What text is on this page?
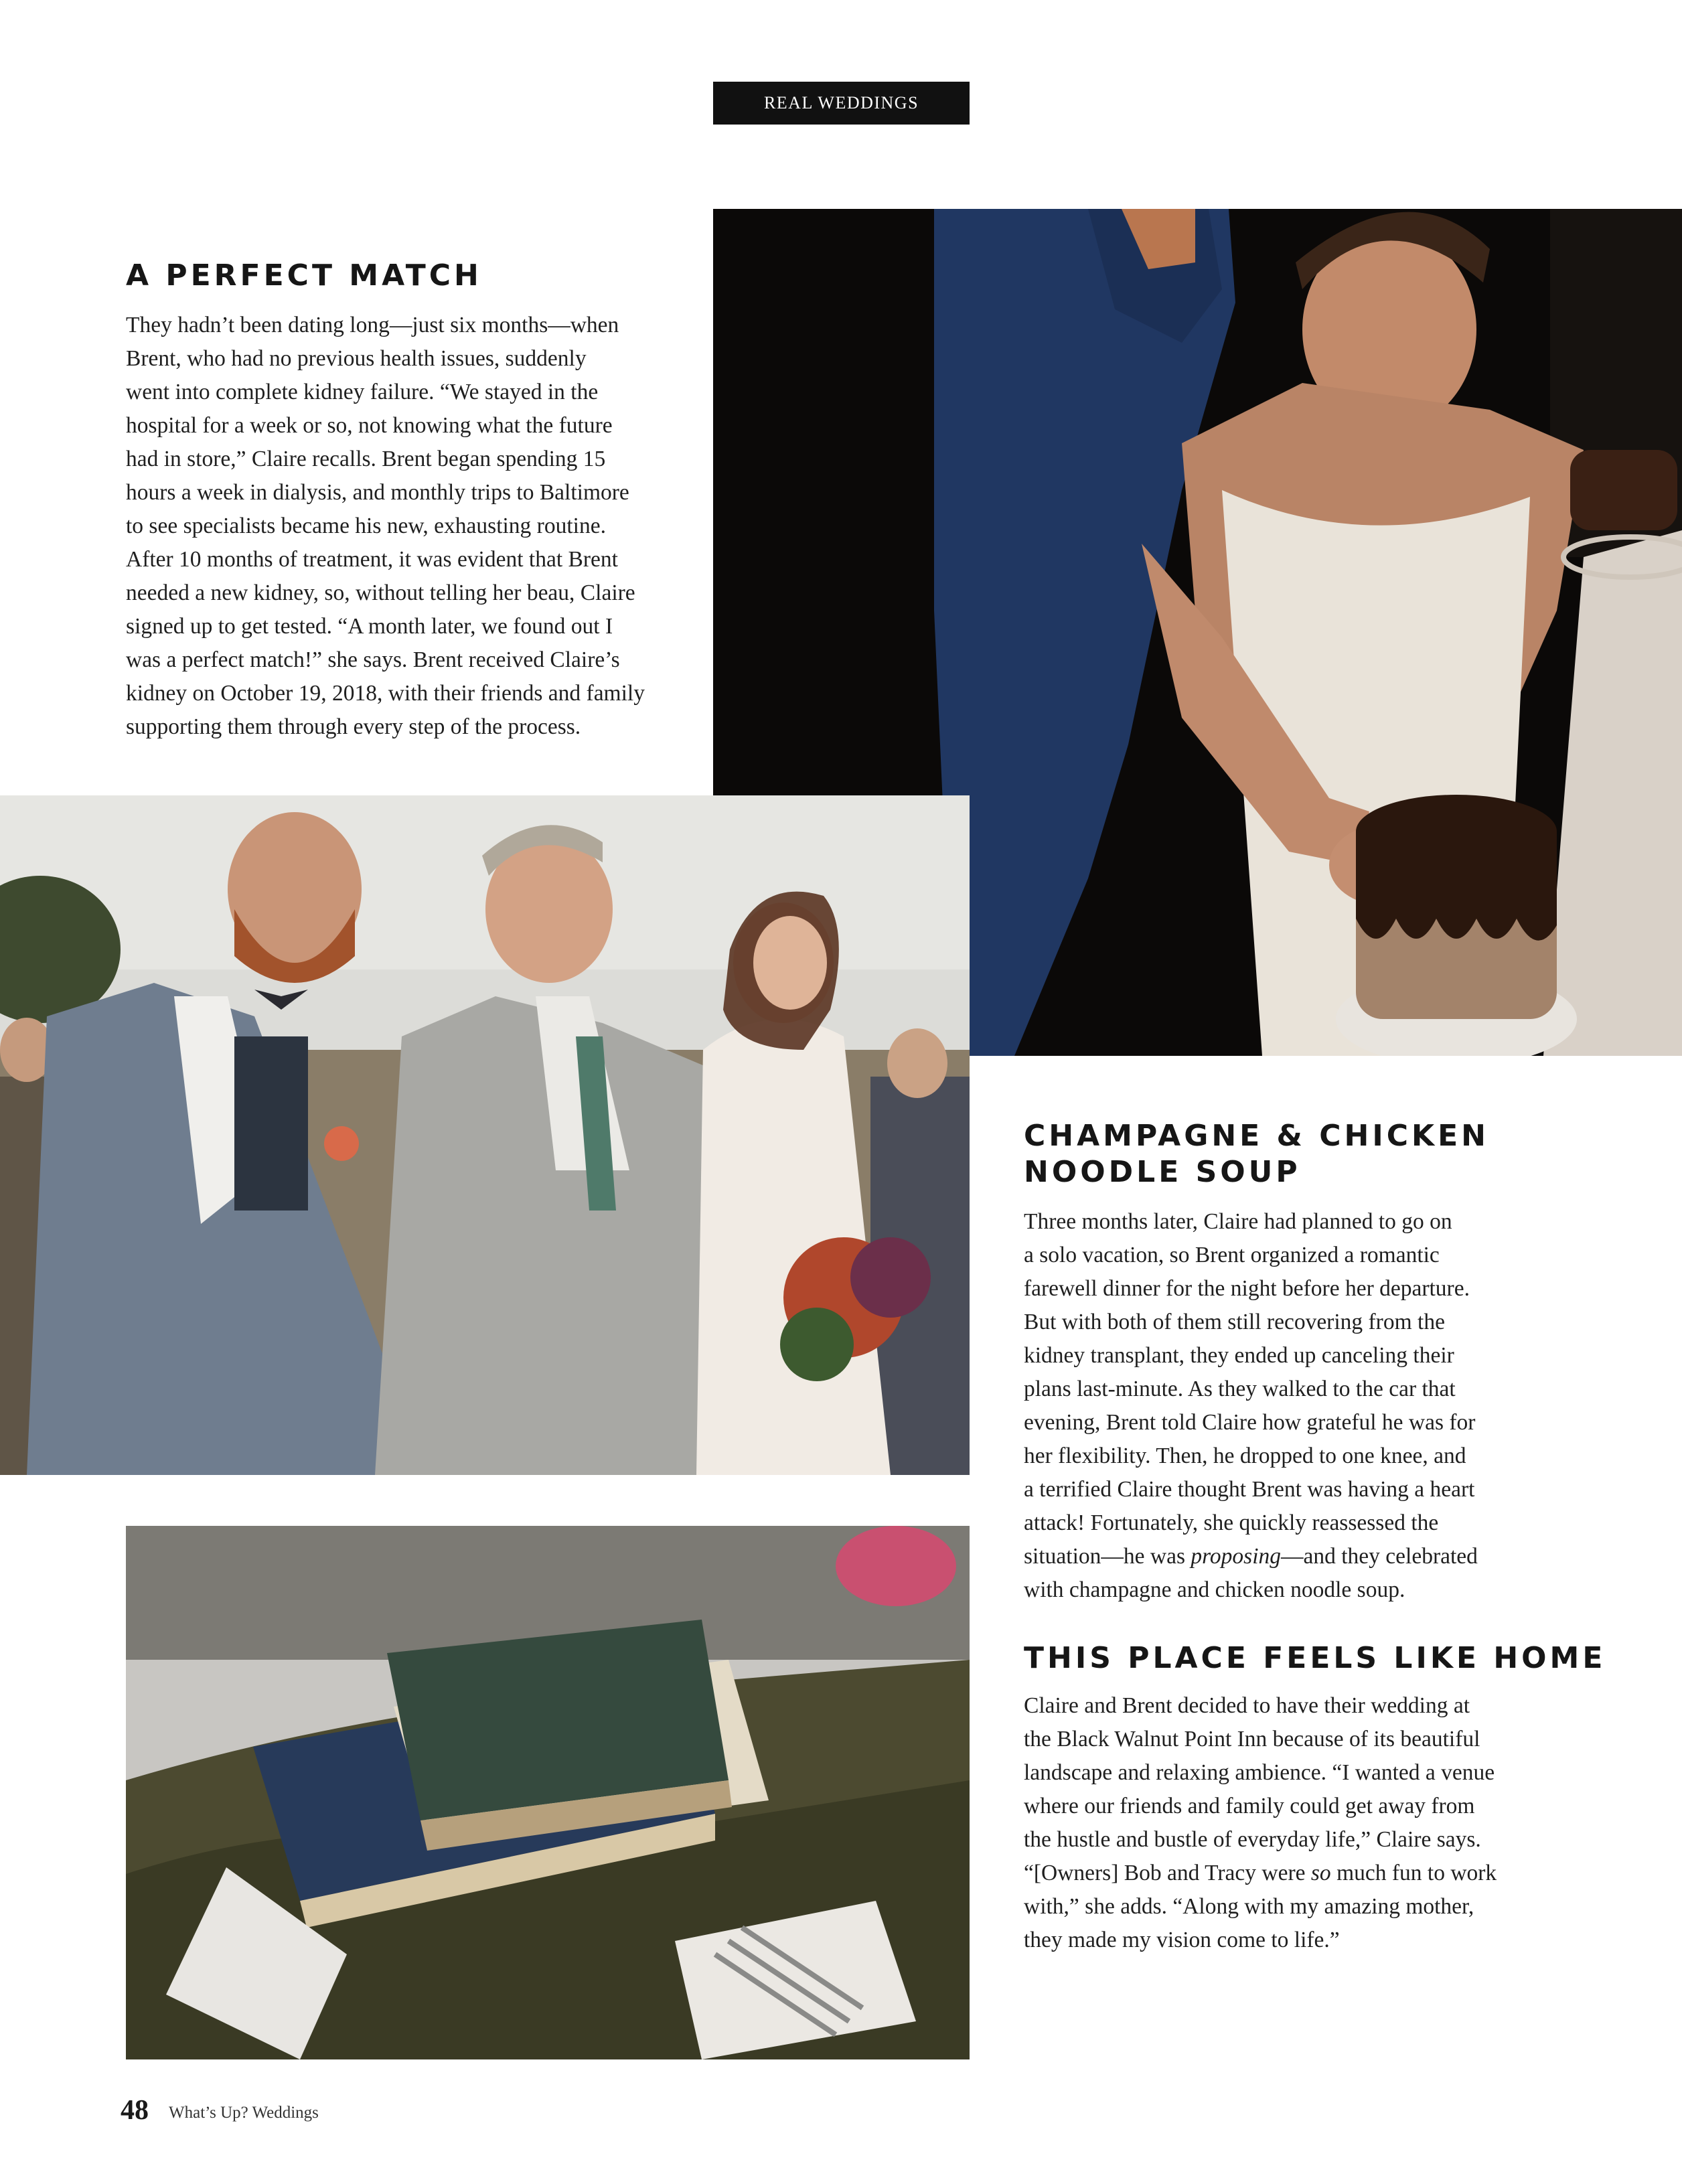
REAL WEDDINGS
A PERFECT MATCH
They hadn’t been dating long—just six months—when
Brent, who had no previous health issues, suddenly
went into complete kidney failure. “We stayed in the
hospital for a week or so, not knowing what the future
had in store,” Claire recalls. Brent began spending 15
hours a week in dialysis, and monthly trips to Baltimore
to see specialists became his new, exhausting routine.
After 10 months of treatment, it was evident that Brent
needed a new kidney, so, without telling her beau, Claire
signed up to get tested. “A month later, we found out I
was a perfect match!” she says. Brent received Claire’s
kidney on October 19, 2018, with their friends and family
supporting them through every step of the process.
CHAMPAGNE & CHICKEN
NOODLE SOUP
Three months later, Claire had planned to go on
a solo vacation, so Brent organized a romantic
farewell dinner for the night before her departure.
But with both of them still recovering from the
kidney transplant, they ended up canceling their
plans last-minute. As they walked to the car that
evening, Brent told Claire how grateful he was for
her flexibility. Then, he dropped to one knee, and
a terrified Claire thought Brent was having a heart
attack! Fortunately, she quickly reassessed the
situation—he was proposing—and they celebrated
with champagne and chicken noodle soup.
THIS PLACE FEELS LIKE HOME
Claire and Brent decided to have their wedding at
the Black Walnut Point Inn because of its beautiful
landscape and relaxing ambience. “I wanted a venue
where our friends and family could get away from
the hustle and bustle of everyday life,” Claire says.
“[Owners] Bob and Tracy were so much fun to work
with,” she adds. “Along with my amazing mother,
they made my vision come to life.”
48 What’s Up? Weddings
